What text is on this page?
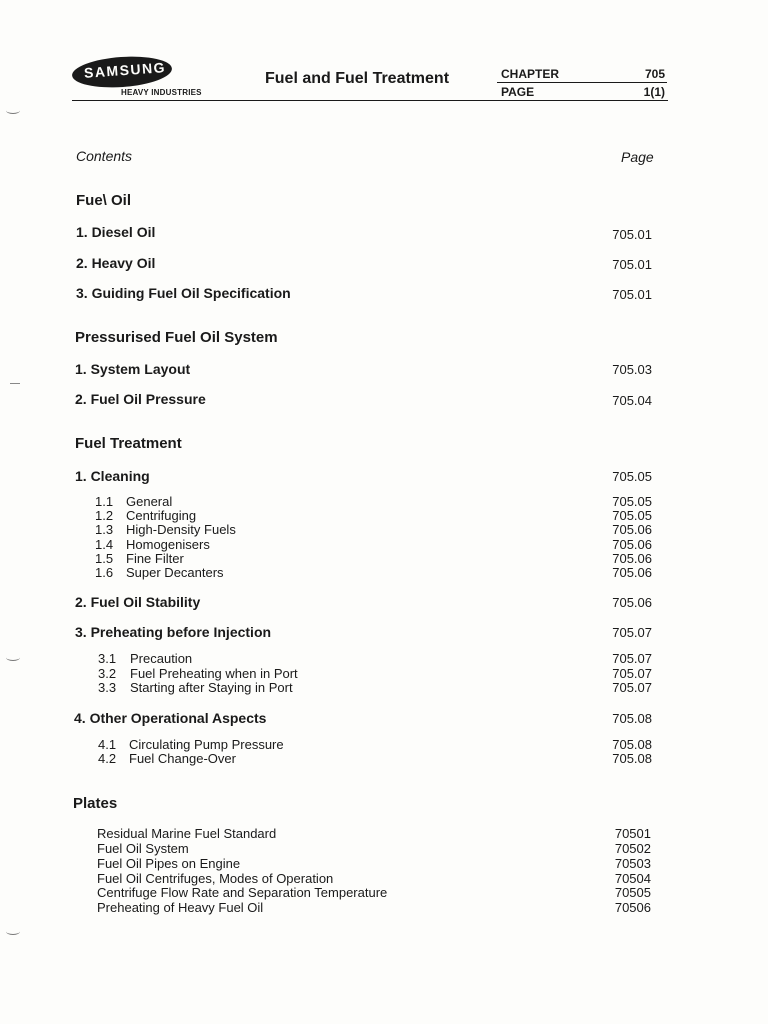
SAMSUNG
HEAVY INDUSTRIES
Fuel and Fuel Treatment	CHAPTER	705
PAGE	1(1)
Contents	Page
Fue\ Oil
1. Diesel Oil	705.01
2. Heavy Oil	705.01
3. Guiding Fuel Oil Specification	705.01
Pressurised Fuel Oil System
1. System Layout	705.03
2. Fuel Oil Pressure	705.04
Fuel Treatment
1. Cleaning	705.05
1.1 General	705.05
1.2 Centrifuging	705.05
1.3 High-Density Fuels	705.06
1.4 Homogenisers	705.06
1.5 Fine Filter	705.06
1.6 Super Decanters	705.06
2. Fuel Oil Stability	705.06
3. Preheating before Injection	705.07
3.1 Precaution	705.07
3.2 Fuel Preheating when in Port	705.07
3.3 Starting after Staying in Port	705.07
4. Other Operational Aspects	705.08
4.1 Circulating Pump Pressure	705.08
4.2 Fuel Change-Over	705.08
Plates
Residual Marine Fuel Standard	70501
Fuel Oil System	70502
Fuel Oil Pipes on Engine	70503
Fuel Oil Centrifuges, Modes of Operation	70504
Centrifuge Flow Rate and Separation Temperature	70505
Preheating of Heavy Fuel Oil	70506
